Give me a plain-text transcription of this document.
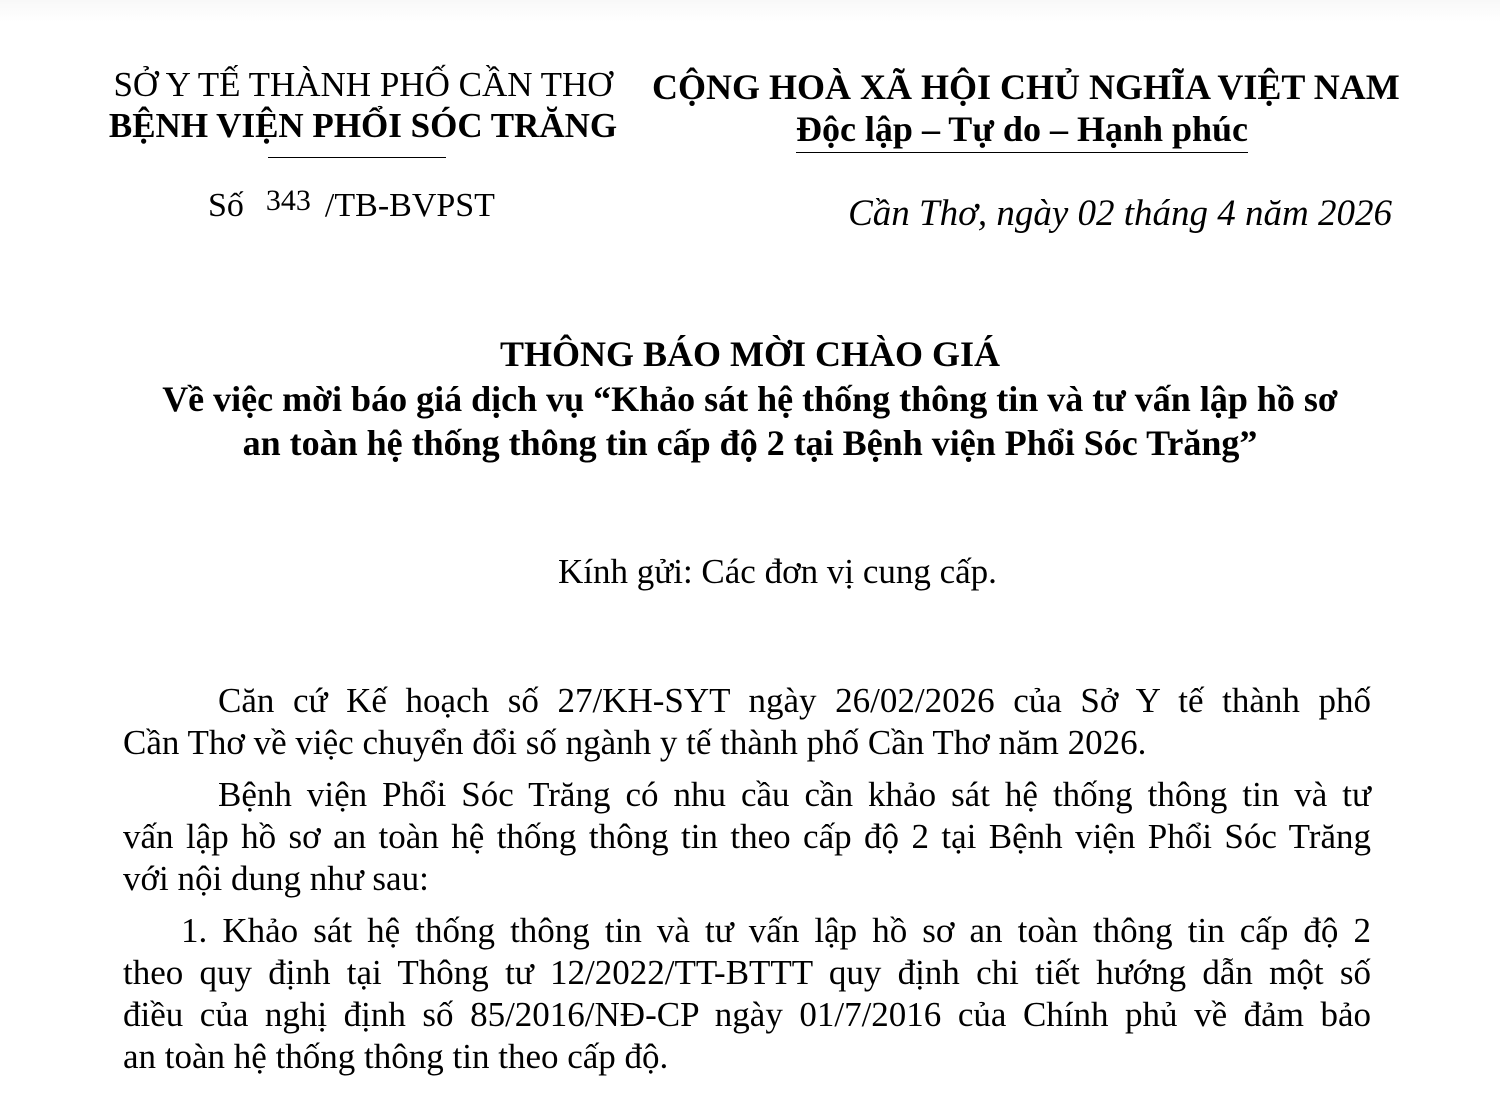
SỞ Y TẾ THÀNH PHỐ CẦN THƠ
BỆNH VIỆN PHỔI SÓC TRĂNG
Số 343 /TB-BVPST
CỘNG HOÀ XÃ HỘI CHỦ NGHĨA VIỆT NAM
Độc lập – Tự do – Hạnh phúc
Cần Thơ, ngày 02 tháng 4 năm 2026
THÔNG BÁO MỜI CHÀO GIÁ
Về việc mời báo giá dịch vụ “Khảo sát hệ thống thông tin và tư vấn lập hồ sơ
an toàn hệ thống thông tin cấp độ 2 tại Bệnh viện Phổi Sóc Trăng”
Kính gửi: Các đơn vị cung cấp.
Căn cứ Kế hoạch số 27/KH-SYT ngày 26/02/2026 của Sở Y tế thành phố
Cần Thơ về việc chuyển đổi số ngành y tế thành phố Cần Thơ năm 2026.
Bệnh viện Phổi Sóc Trăng có nhu cầu cần khảo sát hệ thống thông tin và tư
vấn lập hồ sơ an toàn hệ thống thông tin theo cấp độ 2 tại Bệnh viện Phổi Sóc Trăng
với nội dung như sau:
1. Khảo sát hệ thống thông tin và tư vấn lập hồ sơ an toàn thông tin cấp độ 2
theo quy định tại Thông tư 12/2022/TT-BTTT quy định chi tiết hướng dẫn một số
điều của nghị định số 85/2016/NĐ-CP ngày 01/7/2016 của Chính phủ về đảm bảo
an toàn hệ thống thông tin theo cấp độ.
